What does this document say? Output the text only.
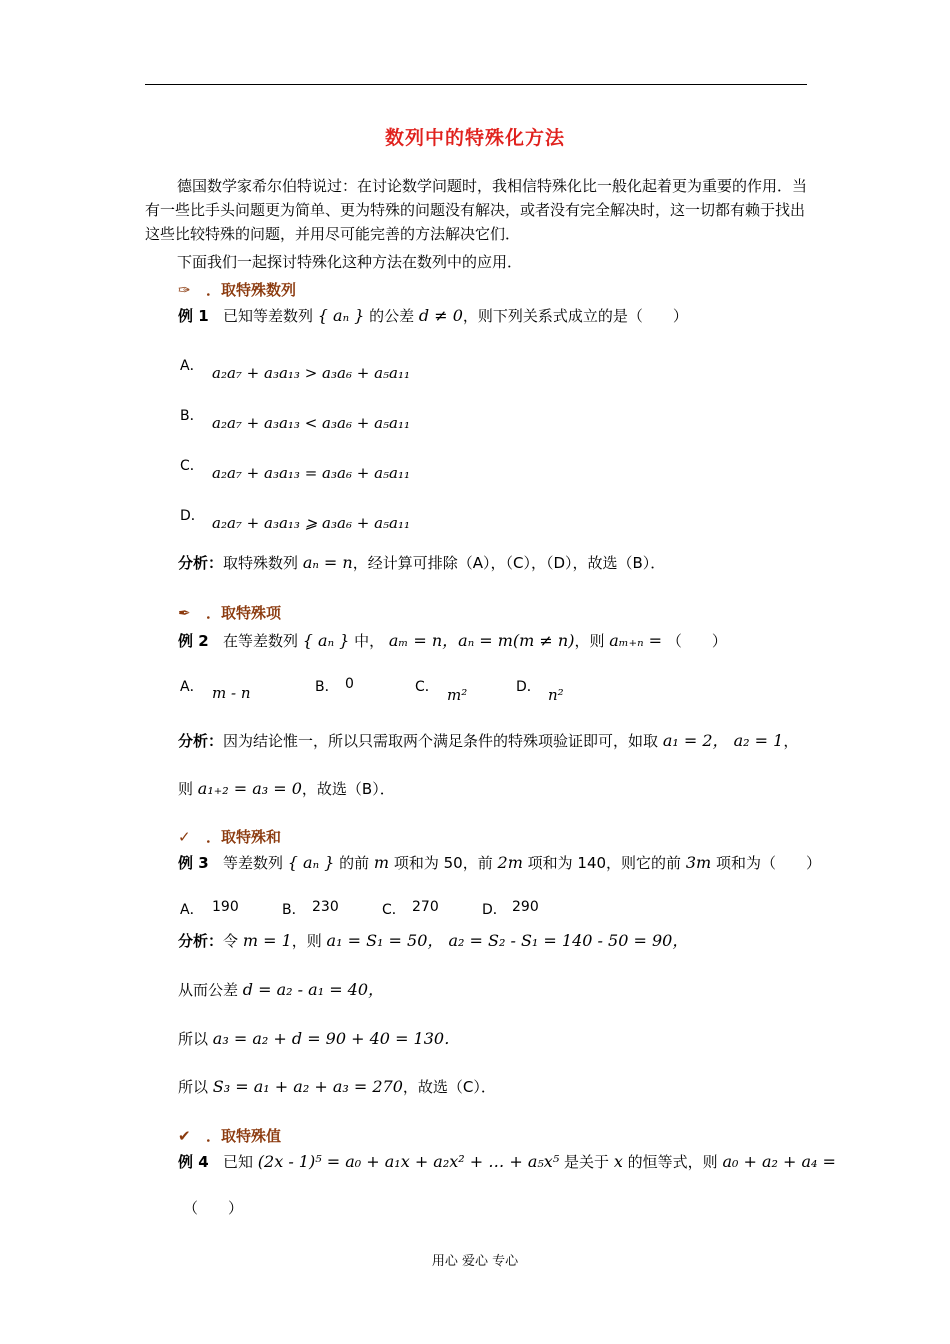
数列中的特殊化方法
德国数学家希尔伯特说过：在讨论数学问题时，我相信特殊化比一般化起着更为重要的作用．当有一些比手头问题更为简单、更为特殊的问题没有解决，或者没有完全解决时，这一切都有赖于找出这些比较特殊的问题，并用尽可能完善的方法解决它们．
下面我们一起探讨特殊化这种方法在数列中的应用．
✑ ．取特殊数列
例 1 已知等差数列 { aₙ } 的公差 d ≠ 0，则下列关系式成立的是（　　）
A． a₂a₇ + a₃a₁₃ > a₃a₆ + a₅a₁₁
B． a₂a₇ + a₃a₁₃ < a₃a₆ + a₅a₁₁
C． a₂a₇ + a₃a₁₃ = a₃a₆ + a₅a₁₁
D． a₂a₇ + a₃a₁₃ ⩾ a₃a₆ + a₅a₁₁
分析：取特殊数列 aₙ = n，经计算可排除（A），（C），（D），故选（B）．
✒ ．取特殊项
例 2 在等差数列 { aₙ } 中， aₘ = n，aₙ = m(m ≠ n)，则 aₘ₊ₙ = （　　）
A． m - n	B． 0	C． m²	D． n²
分析：因为结论惟一，所以只需取两个满足条件的特殊项验证即可，如取 a₁ = 2， a₂ = 1，
则 a₁₊₂ = a₃ = 0，故选（B）．
✓ ．取特殊和
例 3 等差数列 { aₙ } 的前 m 项和为 50，前 2m 项和为 140，则它的前 3m 项和为（　　）
A． 190	B． 230	C． 270	D． 290
分析：令 m = 1，则 a₁ = S₁ = 50， a₂ = S₂ - S₁ = 140 - 50 = 90，
从而公差 d = a₂ - a₁ = 40，
所以 a₃ = a₂ + d = 90 + 40 = 130．
所以 S₃ = a₁ + a₂ + a₃ = 270，故选（C）．
✔ ．取特殊值
例 4 已知 (2x - 1)⁵ = a₀ + a₁x + a₂x² + … + a₅x⁵ 是关于 x 的恒等式，则 a₀ + a₂ + a₄ =
（　　）
用心 爱心 专心
